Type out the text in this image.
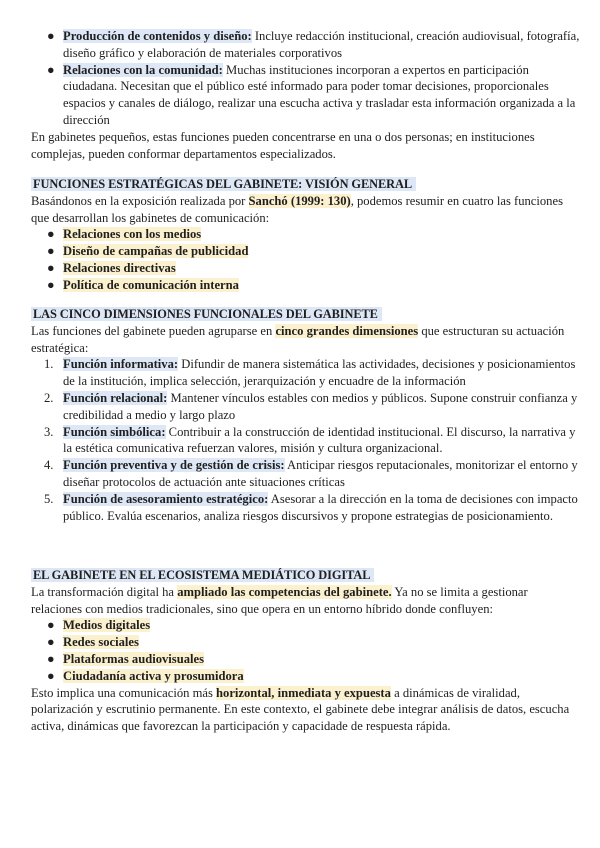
● Producción de contenidos y diseño: Incluye redacción institucional, creación audiovisual, fotografía, diseño gráfico y elaboración de materiales corporativos
● Relaciones con la comunidad: Muchas instituciones incorporan a expertos en participación ciudadana. Necesitan que el público esté informado para poder tomar decisiones, proporcionales espacios y canales de diálogo, realizar una escucha activa y trasladar esta información organizada a la dirección

En gabinetes pequeños, estas funciones pueden concentrarse en una o dos personas; en instituciones complejas, pueden conformar departamentos especializados.

FUNCIONES ESTRATÉGICAS DEL GABINETE: VISIÓN GENERAL

Basándonos en la exposición realizada por Sanchó (1999: 130), podemos resumir en cuatro las funciones que desarrollan los gabinetes de comunicación:

● Relaciones con los medios
● Diseño de campañas de publicidad
● Relaciones directivas
● Política de comunicación interna
LAS CINCO DIMENSIONES FUNCIONALES DEL GABINETE

Las funciones del gabinete pueden agruparse en cinco grandes dimensiones que estructuran su actuación estratégica:

1. Función informativa: Difundir de manera sistemática las actividades, decisiones y posicionamientos de la institución, implica selección, jerarquización y encuadre de la información
2. Función relacional: Mantener vínculos estables con medios y públicos. Supone construir confianza y credibilidad a medio y largo plazo
3. Función simbólica: Contribuir a la construcción de identidad institucional. El discurso, la narrativa y la estética comunicativa refuerzan valores, misión y cultura organizacional.
4. Función preventiva y de gestión de crisis: Anticipar riesgos reputacionales, monitorizar el entorno y diseñar protocolos de actuación ante situaciones críticas
5. Función de asesoramiento estratégico: Asesorar a la dirección en la toma de decisiones con impacto público. Evalúa escenarios, analiza riesgos discursivos y propone estrategias de posicionamiento.
EL GABINETE EN EL ECOSISTEMA MEDIÁTICO DIGITAL

La transformación digital ha ampliado las competencias del gabinete. Ya no se limita a gestionar relaciones con medios tradicionales, sino que opera en un entorno híbrido donde confluyen:

● Medios digitales
● Redes sociales
● Plataformas audiovisuales
● Ciudadanía activa y prosumidora

Esto implica una comunicación más horizontal, inmediata y expuesta a dinámicas de viralidad, polarización y escrutinio permanente. En este contexto, el gabinete debe integrar análisis de datos, escucha activa, dinámicas que favorezcan la participación y capacidade de respuesta rápida.
